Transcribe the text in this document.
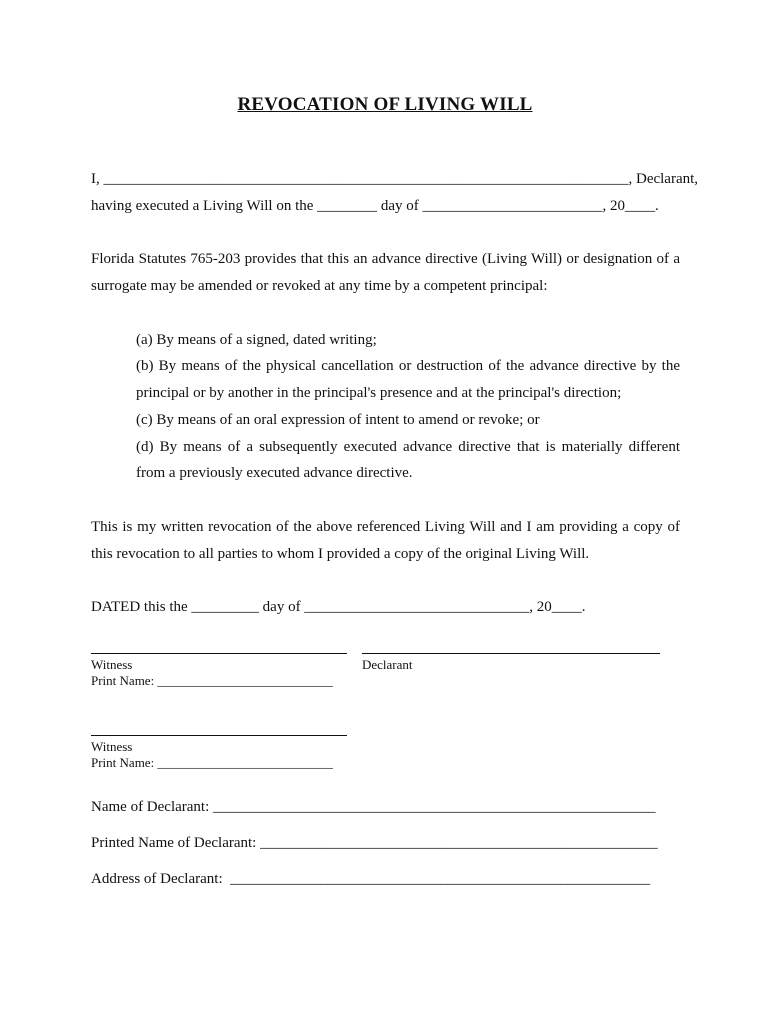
REVOCATION OF LIVING WILL
I, ______________________________________________________________________, Declarant,
having executed a Living Will on the ________ day of ________________________, 20____.
Florida Statutes 765-203 provides that this an advance directive (Living Will) or designation of a
surrogate may be amended or revoked at any time by a competent principal:
(a) By means of a signed, dated writing;
(b) By means of the physical cancellation or destruction of the advance directive by the
principal or by another in the principal's presence and at the principal's direction;
(c) By means of an oral expression of intent to amend or revoke; or
(d) By means of a subsequently executed advance directive that is materially different
from a previously executed advance directive.
This is my written revocation of the above referenced Living Will and I am providing a copy of
this revocation to all parties to whom I provided a copy of the original Living Will.
DATED this the _________ day of ______________________________, 20____.
Witness	Declarant
Print Name: ___________________________
Witness
Print Name: ___________________________
Name of Declarant: ___________________________________________________________
Printed Name of Declarant: _____________________________________________________
Address of Declarant:  ________________________________________________________
